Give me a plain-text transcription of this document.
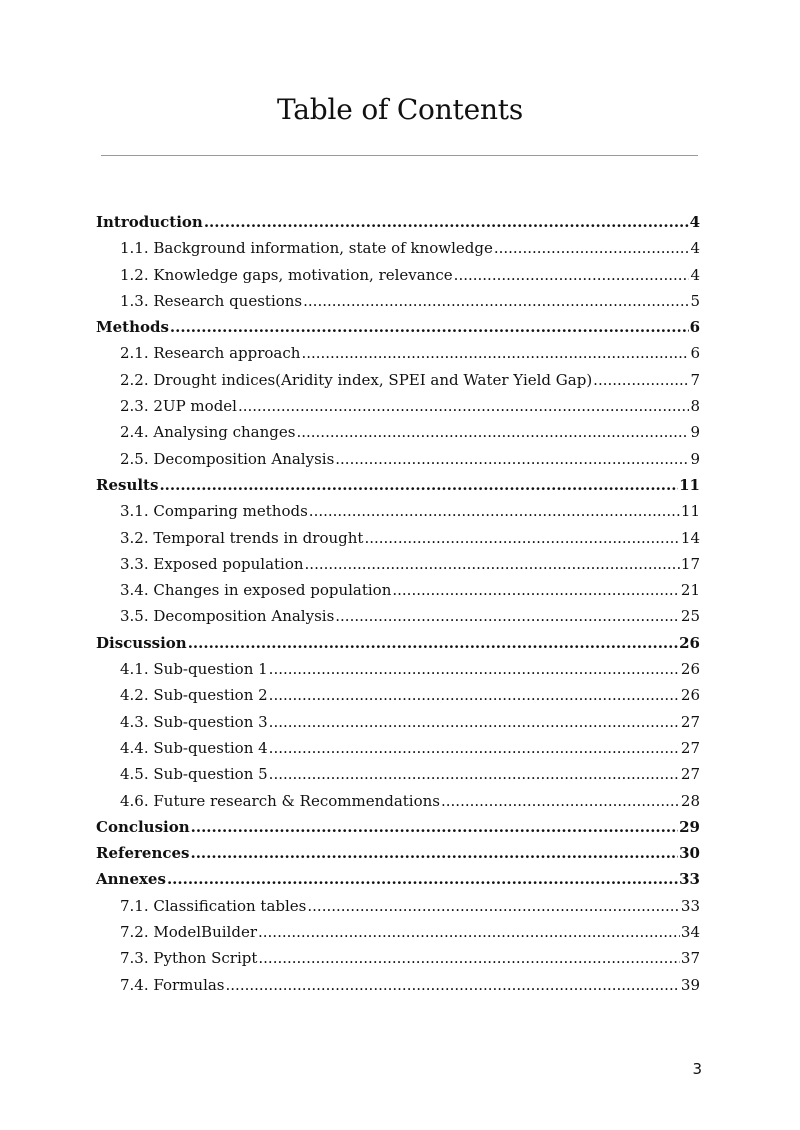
Table of Contents
Introduction .....	4
1.1. Background information, state of knowledge .....	4
1.2. Knowledge gaps, motivation, relevance .....	4
1.3. Research questions .....	5
Methods .....	6
2.1. Research approach .....	6
2.2. Drought indices(Aridity index, SPEI and Water Yield Gap) .....	7
2.3. 2UP model .....	8
2.4. Analysing changes .....	9
2.5. Decomposition Analysis .....	9
Results .....	11
3.1. Comparing methods .....	11
3.2. Temporal trends in drought .....	14
3.3. Exposed population .....	17
3.4. Changes in exposed population .....	21
3.5. Decomposition Analysis .....	25
Discussion .....	26
4.1. Sub-question 1 .....	26
4.2. Sub-question 2 .....	26
4.3. Sub-question 3 .....	27
4.4. Sub-question 4 .....	27
4.5. Sub-question 5 .....	27
4.6. Future research & Recommendations .....	28
Conclusion .....	29
References .....	30
Annexes .....	33
7.1. Classification tables .....	33
7.2. ModelBuilder .....	34
7.3. Python Script .....	37
7.4. Formulas .....	39
3
